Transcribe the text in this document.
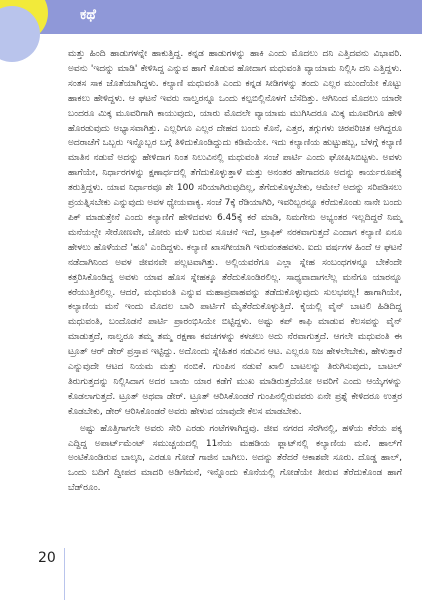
ಕಥೆ

ಮತ್ತು ಹಿಂದಿ ಹಾಡುಗಳನ್ನೇ ಹಾಕುತ್ತಿದ್ದ. ಕನ್ನಡ ಹಾಡುಗಳನ್ನು ಹಾಕಿ ಎಂದು ಮೊದಲು ದನಿ ಎತ್ತಿದವನು ವಿಭಾವರಿ. ಅವನು 'ಇದನ್ನು ಮಾಡಿ' ಕೇಳಿಸಿದ್ದ ಎನ್ನುವ ಹಾಗೆ ಕೊಡುವ ಹೋದಾಗ ಮಧುವಂತಿ ವ್ಯಾಯಾಮ ನಿಲ್ಲಿಸಿ ದನಿ ಎತ್ತಿದ್ದಳು. ಸಂತಸ ಸಾಕ ಜೊತೆಯಾಗಿದ್ದಳು. ಕಲ್ಯಾಣಿ ಮಧುವಂತಿ ಎಂದು ಕನ್ನಡ ಸೀಡಿಗಳನ್ನು ತಂದು ಎಲ್ಲರ ಮುಂದೆಯೇ ಕೊಟ್ಟು ಹಾಕಲು ಹೇಳಿದ್ದಳು. ಆ ಘಟನೆ ಇವರು ನಾಲ್ವರನ್ನೂ ಒಂದು ಕಲ್ಪಬಿಲ್ಲಿನೊಳಗೆ ಬೆಸೆದಿತ್ತು. ಆಗಿನಿಂದ ಮೊದಲು ಯಾರೇ ಬಂದರೂ ಮಿಕ್ಕ ಮೂವರಿಗಾಗಿ ಕಾಯುವುದು, ಯಾರು ಮೊದಲೇ ವ್ಯಾಯಾಮ ಮುಗಿಸಿದರೂ ಮಿಕ್ಕ ಮೂವರಿಗೂ ಹೇಳಿ ಹೊರಡುವುದು ಅಭ್ಯಾಸವಾಗಿತ್ತು. ಎಲ್ಲರಿಗೂ ಎಲ್ಲರ ದೇಹದ ಬಂದು ಕೊನೆ, ಎತ್ತರ, ತಗ್ಗುಗಳು ಚಿರಪರಿಚಿತ ಆಗಿದ್ದರೂ ಅದರಾಚೆಗೆ ಒಬ್ಬರು ಇನ್ನೊಬ್ಬರ ಬಗ್ಗೆ ತಿಳಿದುಕೊಂಡಿದ್ದುದು ಕಡಿಮೆಯೇ. ಇದು ಕಲ್ಯಾಣಿಯ ಹುಟ್ಟುಹಬ್ಬ, ಬೆಳಗ್ಗೆ ಕಲ್ಯಾಣಿ ಮಾತಿನ ನಡುವೆ ಅದನ್ನು ಹೇಳಿದಾಗ ನಿಂತ ನಿಲುವಿನಲ್ಲಿ ಮಧುವಂತಿ ಸಂಜೆ ಪಾರ್ಟಿ ಎಂದು ಘೋಷಿಸಿಬಿಟ್ಟಳು. ಅವಳು ಹಾಗೆಯೇ, ನಿರ್ಧಾರಗಳನ್ನು ಕ್ಷಣಾರ್ಧದಲ್ಲಿ ತೆಗೆದುಕೊಳ್ಳುತ್ತಾಳೆ ಮತ್ತು ಅನಂತರ ಹೇಗಾದರೂ ಅದನ್ನು ಕಾರ್ಯರೂಪಕ್ಕೆ ತರುತ್ತಿದ್ದಳು. ಯಾವ ನಿರ್ಧಾರವೂ ಶೇ 100 ಸರಿಯಾಗಿರುವುದಿಲ್ಲ, ತೆಗೆದುಕೊಳ್ಳಬೇಕು, ಆಮೇಲೆ ಅದನ್ನು ಸರಿಪಡಿಸಲು ಪ್ರಯತ್ನಿಸಬೇಕು ಎನ್ನುವುದು ಅವಳ ಧ್ಯೇಯವಾಕ್ಯ. ಸಂಜೆ 7ಕ್ಕೆ ರೆಡಿಯಾಗಿರಿ, ಇವರಿಬ್ಬರನ್ನೂ ಕರೆದುಕೊಂಡು ನಾನೇ ಬಂದು ಪಿಕ್ ಮಾಡುತ್ತೇನೆ ಎಂದು ಕಲ್ಯಾಣಿಗೆ ಹೇಳಿದವಳು 6.45ಕ್ಕೆ ಕರೆ ಮಾಡಿ, ನಿಮಗೇನು ಅಭ್ಯಂತರ ಇಲ್ಲದಿದ್ದರೆ ನಿಮ್ಮ ಮನೆಯಲ್ಲೇ ಸೇರೋಣವೇ, ಜೋರು ಮಳೆ ಬರುವ ಸೂಚನೆ ಇದೆ, ಟ್ರಾಫಿಕ್ ನರಕವಾಗುತ್ತದೆ ಎಂದಾಗ ಕಲ್ಯಾಣಿ ಏನೂ ಹೇಳಲು ಹೊಳೆಯದೆ 'ಹೂ' ಎಂದಿದ್ದಳು. ಕಲ್ಯಾಣಿ ಖಾಸಗೀಯಾಗಿ ಇರುವಂತಹವಳು. ಐದು ವರ್ಷಗಳ ಹಿಂದೆ ಆ ಘಟನೆ ನಡೆದಾಗಿನಿಂದ ಅವಳ ಜೀವನವೇ ಪಲ್ಲಟವಾಗಿತ್ತು. ಅಲ್ಲಿಯವರೆಗೂ ಎಲ್ಲಾ ಸ್ನೇಹ ಸಂಬಂಧಗಳನ್ನೂ ಬೇಕೆಂದೇ ಕತ್ತರಿಸಿಕೊಂಡಿದ್ದ ಅವಳು ಯಾವ ಹೊಸ ಸ್ನೇಹಕ್ಕೂ ತೆರೆದುಕೊಂಡಿರಲಿಲ್ಲ. ಸಾಧ್ಯವಾದಾಗಲೆಲ್ಲ ಮನೆಗೂ ಯಾರನ್ನೂ ಕರೆಯುತ್ತಿರಲಿಲ್ಲ. ಆದರೆ, ಮಧುವಂತಿ ಎನ್ನುವ ಮಹಾಪ್ರವಾಹವನ್ನು ತಡೆದುಕೊಳ್ಳುವುದು ಸುಲಭವಲ್ಲ! ಹಾಗಾಗಿಯೇ, ಕಲ್ಯಾಣಿಯ ಮನೆ ಇಂದು ಮೊದಲ ಬಾರಿ ಪಾರ್ಟಿಗೆ ಮೈತೆರೆದುಕೊಳ್ಳುತ್ತಿದೆ. ಕೈಯಲ್ಲಿ ವೈನ್ ಬಾಟಲಿ ಹಿಡಿದಿದ್ದ ಮಧುವಂತಿ, ಬಂದೊಡನೆ ಪಾರ್ಟಿ ಪ್ರಾರಂಭಿಸಿಯೇ ಬಿಟ್ಟಿದ್ದಳು. ಅಷ್ಟು ಕಪ್ ಕಾಫಿ ಮಾಡುವ ಕೆಲಸವನ್ನು ವೈನ್ ಮಾಡುತ್ತದೆ, ನಾಲ್ವರೂ ತಮ್ಮ ತಮ್ಮ ರಕ್ಷಣಾ ಕವಚಗಳನ್ನು ಕಳಚಲು ಅದು ನೆರವಾಗುತ್ತದೆ. ಆಗಲೇ ಮಧುವಂತಿ ಈ ಟ್ರೂತ್ ಆರ್ ಡೇರ್ ಪ್ರಸ್ತಾಪ ಇಟ್ಟಿದ್ದು. ಅದೊಂದು ಸ್ನೇಹಿತರ ನಡುವಿನ ಆಟ. ಎಲ್ಲರೂ ನಿಜ ಹೇಳಲೇಬೇಕು, ಹೇಳುತ್ತಾರೆ ಎನ್ನುವುದೇ ಆಟದ ನಿಯಮ ಮತ್ತು ನಂಬಿಕೆ. ಗುಂಪಿನ ನಡುವೆ ಖಾಲಿ ಬಾಟಲನ್ನು ತಿರುಗಿಸುವುದು, ಬಾಟಲ್ ತಿರುಗುತ್ತದನ್ನು ನಿಲ್ಲಿಸಿದಾಗ ಅದರ ಬಾಯಿ ಯಾರ ಕಡೆಗೆ ಮುಖ ಮಾಡಿರುತ್ತದೆಯೋ ಅವರಿಗೆ ಎಂದು ಆಯ್ಕೆಗಳನ್ನು ಕೊಡಲಾಗುತ್ತದೆ. ಟ್ರೂತ್ ಅಥವಾ ಡೇರ್. ಟ್ರೂತ್ ಆರಿಸಿಕೊಂಡರೆ ಗುಂಪಿನಲ್ಲಿರುವವರು ಏನೇ ಪ್ರಶ್ನೆ ಕೇಳಿದರೂ ಉತ್ತರ ಕೊಡಬೇಕು, ಡೇರ್ ಆರಿಸಿಕೊಂಡರೆ ಅವರು ಹೇಳುವ ಯಾವುದೇ ಕೆಲಸ ಮಾಡಬೇಕು.

ಅಷ್ಟು ಹೊತ್ತಿಗಾಗಲೇ ಅವರು ಸೇರಿ ಎರಡು ಗಂಟೆಗಳಾಗಿದ್ದವು. ಜೀವ ನಗರದ ಸೆರಗಿನಲ್ಲಿ, ಹಳೆಯ ಕೆರೆಯ ಪಕ್ಕ ಎದ್ದಿದ್ದ ಅಪಾರ್ಟ್‌ಮೆಂಟ್ ಸಮುಚ್ಚಯದಲ್ಲಿ 11ನೆಯ ಮಹಡಿಯ ಫ್ಲಾಟ್‌ನಲ್ಲಿ ಕಲ್ಯಾಣಿಯ ಮನೆ. ಹಾಲ್‌ಗೆ ಅಂಟಿಕೊಂಡಿರುವ ಬಾಲ್ಕನಿ, ಎರಡೂ ಗೋಡೆ ಗಾಜಿನ ಬಾಗಿಲು. ಅದನ್ನು ತೆರೆದರೆ ಆಕಾಶವೇ ಸೂರು. ದೊಡ್ಡ ಹಾಲ್, ಒಂದು ಬದಿಗೆ ದ್ವೀಪದ ಮಾದರಿ ಅಡಿಗೆಮನೆ, ಇನ್ನೊಂದು ಕೊನೆಯಲ್ಲಿ ಗೋಡೆಯೇ ತೀರುವ ತೆರೆದುಕೊಂಡ ಹಾಗೆ ಬೆಡ್‌ರೂಂ.

20
